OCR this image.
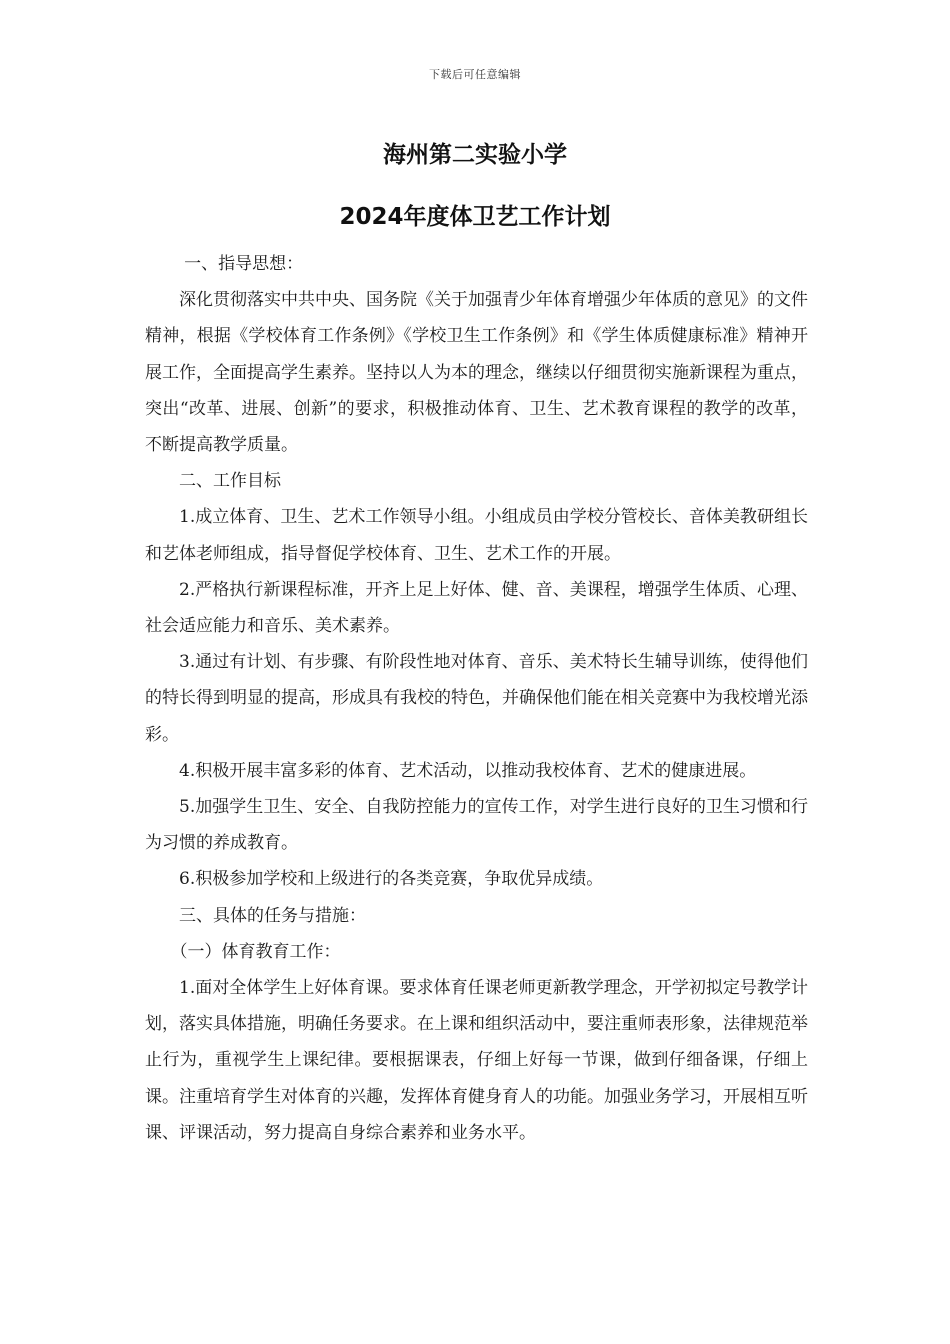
下载后可任意编辑
海州第二实验小学
2024年度体卫艺工作计划

一、指导思想：

深化贯彻落实中共中央、国务院《关于加强青少年体育增强少年体质的意见》的文件精神，根据《学校体育工作条例》《学校卫生工作条例》和《学生体质健康标准》精神开展工作，全面提高学生素养。坚持以人为本的理念，继续以仔细贯彻实施新课程为重点，突出“改革、进展、创新”的要求，积极推动体育、卫生、艺术教育课程的教学的改革，不断提高教学质量。

二、工作目标

1.成立体育、卫生、艺术工作领导小组。小组成员由学校分管校长、音体美教研组长和艺体老师组成，指导督促学校体育、卫生、艺术工作的开展。

2.严格执行新课程标准，开齐上足上好体、健、音、美课程，增强学生体质、心理、社会适应能力和音乐、美术素养。

3.通过有计划、有步骤、有阶段性地对体育、音乐、美术特长生辅导训练，使得他们的特长得到明显的提高，形成具有我校的特色，并确保他们能在相关竞赛中为我校增光添彩。

4.积极开展丰富多彩的体育、艺术活动，以推动我校体育、艺术的健康进展。

5.加强学生卫生、安全、自我防控能力的宣传工作，对学生进行良好的卫生习惯和行为习惯的养成教育。

6.积极参加学校和上级进行的各类竞赛，争取优异成绩。

三、具体的任务与措施：

（一）体育教育工作：

1.面对全体学生上好体育课。要求体育任课老师更新教学理念，开学初拟定号教学计划，落实具体措施，明确任务要求。在上课和组织活动中，要注重师表形象，法律规范举止行为，重视学生上课纪律。要根据课表，仔细上好每一节课，做到仔细备课，仔细上课。注重培育学生对体育的兴趣，发挥体育健身育人的功能。加强业务学习，开展相互听课、评课活动，努力提高自身综合素养和业务水平。
